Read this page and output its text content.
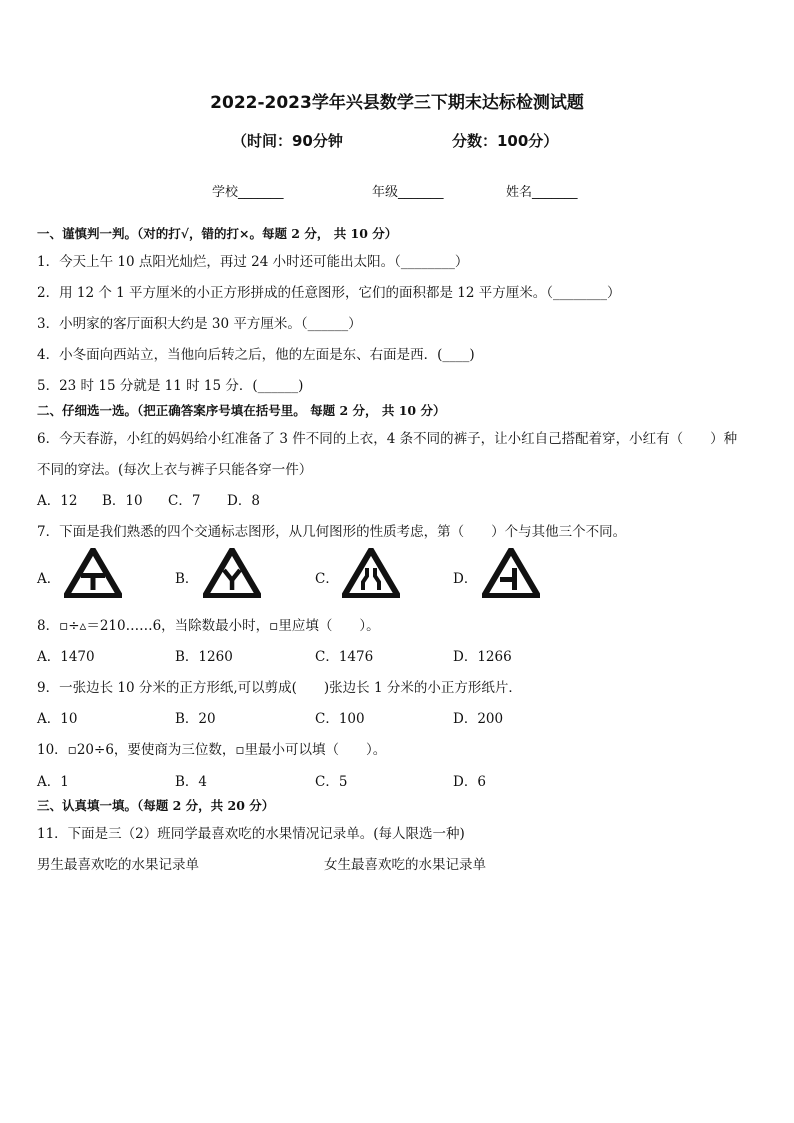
2022-2023学年兴县数学三下期末达标检测试题
（时间：90分钟	分数：100分）
学校_______	年级_______	姓名_______
一、谨慎判一判。（对的打√，错的打×。每题 2 分， 共 10 分）
1．今天上午 10 点阳光灿烂，再过 24 小时还可能出太阳。（________）
2．用 12 个 1 平方厘米的小正方形拼成的任意图形，它们的面积都是 12 平方厘米。（________）
3．小明家的客厅面积大约是 30 平方厘米。（______）
4．小冬面向西站立，当他向后转之后，他的左面是东、右面是西．(____)
5．23 时 15 分就是 11 时 15 分．(______)
二、仔细选一选。（把正确答案序号填在括号里。 每题 2 分， 共 10 分）
6．今天春游，小红的妈妈给小红准备了 3 件不同的上衣，4 条不同的裤子，让小红自己搭配着穿，小红有（　　）种
不同的穿法。(每次上衣与裤子只能各穿一件）
A．12 B．10 C．7 D．8
7．下面是我们熟悉的四个交通标志图形，从几何图形的性质考虑，第（　　）个与其他三个不同。
A．	B．	C．	D．
8．▫÷▵＝210……6，当除数最小时，▫里应填（　　）。
A．1470	B．1260	C．1476	D．1266
9．一张边长 10 分米的正方形纸,可以剪成(　　)张边长 1 分米的小正方形纸片．
A．10	B．20	C．100	D．200
10．▫20÷6，要使商为三位数，▫里最小可以填（　　）。
A．1	B．4	C．5	D．6
三、认真填一填。（每题 2 分，共 20 分）
11．下面是三（2）班同学最喜欢吃的水果情况记录单。(每人限选一种)
男生最喜欢吃的水果记录单	女生最喜欢吃的水果记录单
